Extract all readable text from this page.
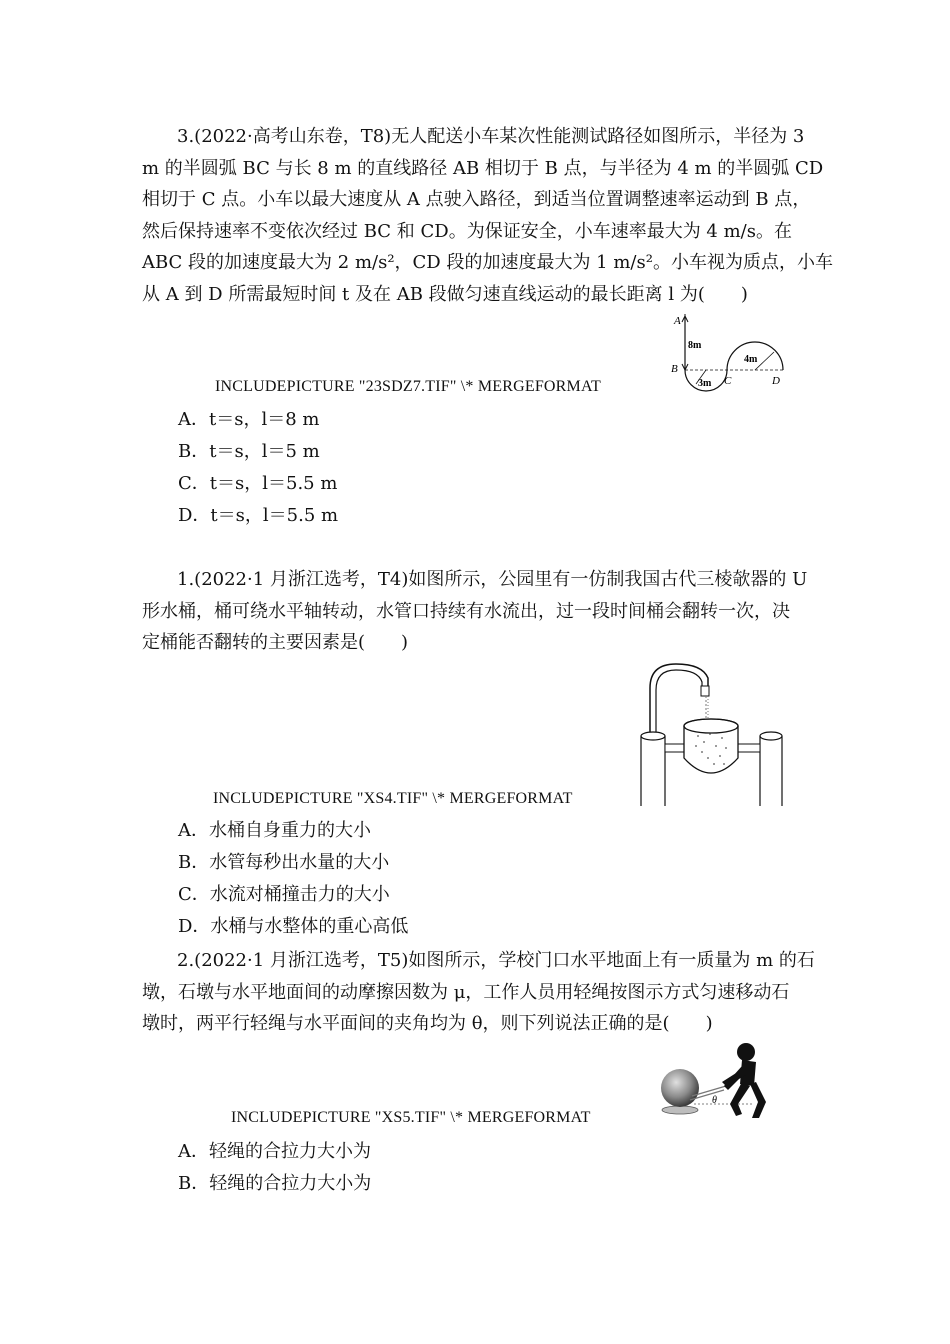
3.(2022·高考山东卷，T8)无人配送小车某次性能测试路径如图所示，半径为 3
m 的半圆弧 BC 与长 8 m 的直线路径 AB 相切于 B 点，与半径为 4 m 的半圆弧 CD
相切于 C 点。小车以最大速度从 A 点驶入路径，到适当位置调整速率运动到 B 点，
然后保持速率不变依次经过 BC 和 CD。为保证安全，小车速率最大为 4 m/s。在
ABC 段的加速度最大为 2 m/s²，CD 段的加速度最大为 1 m/s²。小车视为质点，小车
从 A 到 D 所需最短时间 t 及在 AB 段做匀速直线运动的最长距离 l 为(　　)
A
8m
B
3m
4m
C	D
INCLUDEPICTURE "23SDZ7.TIF" \* MERGEFORMAT
A．t＝s，l＝8 m
B．t＝s，l＝5 m
C．t＝s，l＝5.5 m
D．t＝s，l＝5.5 m
1.(2022·1 月浙江选考，T4)如图所示，公园里有一仿制我国古代三棱欹器的 U
形水桶，桶可绕水平轴转动，水管口持续有水流出，过一段时间桶会翻转一次，决
定桶能否翻转的主要因素是(　　)
INCLUDEPICTURE "XS4.TIF" \* MERGEFORMAT
A．水桶自身重力的大小
B．水管每秒出水量的大小
C．水流对桶撞击力的大小
D．水桶与水整体的重心高低
2.(2022·1 月浙江选考，T5)如图所示，学校门口水平地面上有一质量为 m 的石
墩，石墩与水平地面间的动摩擦因数为 μ，工作人员用轻绳按图示方式匀速移动石
墩时，两平行轻绳与水平面间的夹角均为 θ，则下列说法正确的是(　　)
θ
INCLUDEPICTURE "XS5.TIF" \* MERGEFORMAT
A．轻绳的合拉力大小为
B．轻绳的合拉力大小为
